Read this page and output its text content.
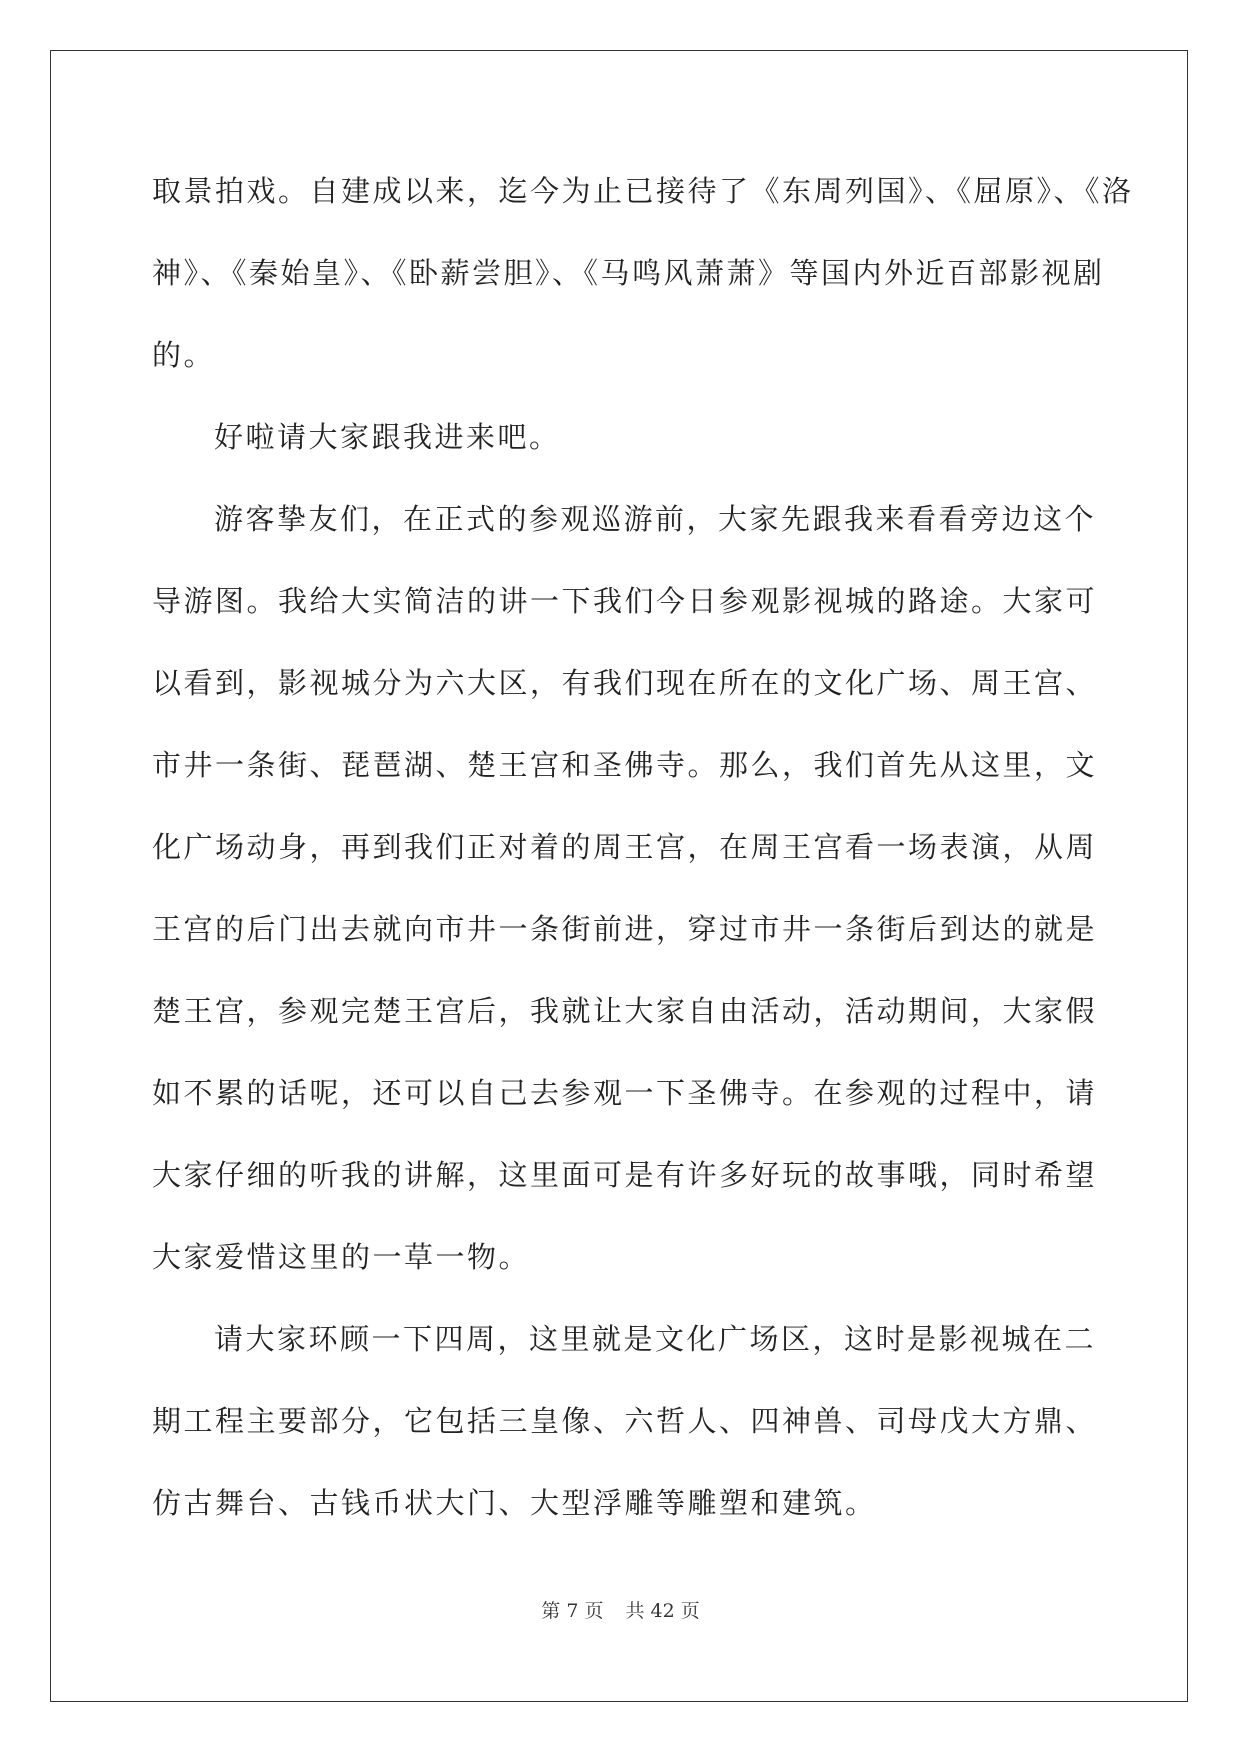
取景拍戏。自建成以来，迄今为止已接待了《东周列国》、《屈原》、《洛
神》、《秦始皇》、《卧薪尝胆》、《马鸣风萧萧》等国内外近百部影视剧
的。
好啦请大家跟我进来吧。
游客挚友们，在正式的参观巡游前，大家先跟我来看看旁边这个
导游图。我给大实简洁的讲一下我们今日参观影视城的路途。大家可
以看到，影视城分为六大区，有我们现在所在的文化广场、周王宫、
市井一条街、琵琶湖、楚王宫和圣佛寺。那么，我们首先从这里，文
化广场动身，再到我们正对着的周王宫，在周王宫看一场表演，从周
王宫的后门出去就向市井一条街前进，穿过市井一条街后到达的就是
楚王宫，参观完楚王宫后，我就让大家自由活动，活动期间，大家假
如不累的话呢，还可以自己去参观一下圣佛寺。在参观的过程中，请
大家仔细的听我的讲解，这里面可是有许多好玩的故事哦，同时希望
大家爱惜这里的一草一物。
请大家环顾一下四周，这里就是文化广场区，这时是影视城在二
期工程主要部分，它包括三皇像、六哲人、四神兽、司母戊大方鼎、
仿古舞台、古钱币状大门、大型浮雕等雕塑和建筑。
第 7 页 共 42 页
